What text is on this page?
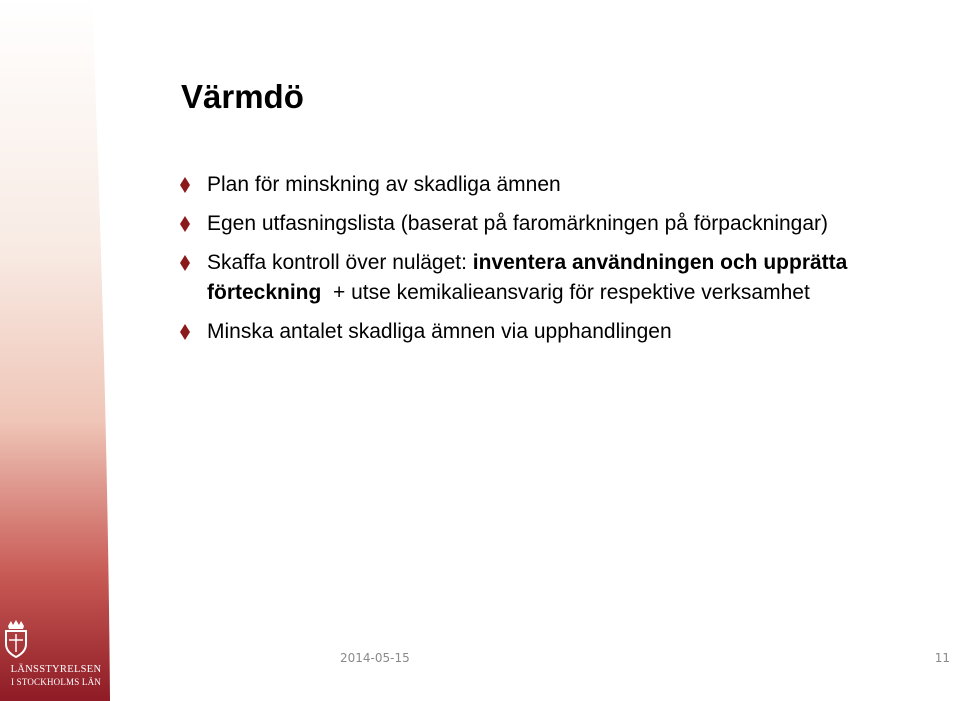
LÄNSSTYRELSEN
I STOCKHOLMS LÄN
Värmdö
Plan för minskning av skadliga ämnen
Egen utfasningslista (baserat på faromärkningen på förpackningar)
Skaffa kontroll över nuläget: inventera användningen och upprätta förteckning  + utse kemikalieansvarig för respektive verksamhet
Minska antalet skadliga ämnen via upphandlingen
2014-05-15	11
